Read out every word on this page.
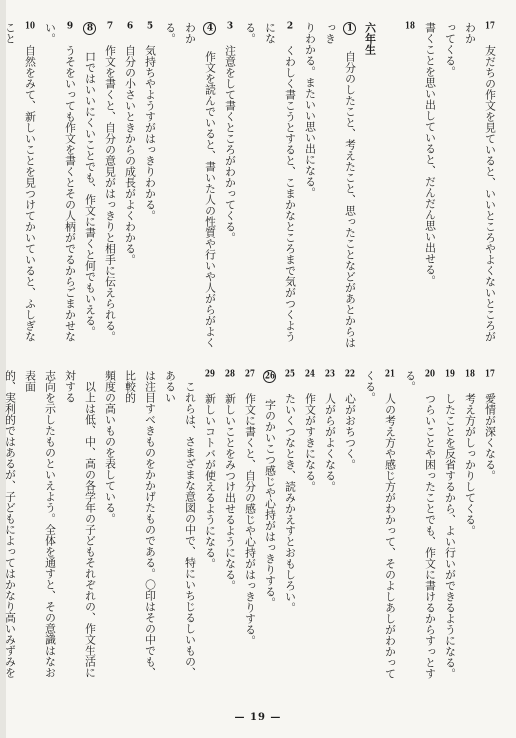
17友だちの作文を見ていると、いいところやよくないところがわか
ってくる。
書くことを思い出していると、だんだん思い出せる。
18
六年生
1自分のしたこと、考えたこと、思ったことなどがあとからはっき
りわかる。またいい思い出になる。
2くわしく書こうとすると、こまかなところまで気がつくようにな
る。
3注意をして書くところがわかってくる。
4作文を読んでいると、書いた人の性質や行いや人がらがよくわか
る。
5気持ちやようすがはっきりわかる。
6自分の小さいときからの成長がよくわかる。
7作文を書くと、自分の意見がはっきりと相手に伝えられる。
8口ではいいにくいことでも、作文に書くと何でもいえる。
9うそをいっても作文を書くとその人柄がでるからごまかせない。
10自然をみて、新しいことを見つけてかいていると、ふしぎなこと
17愛情が深くなる。
18考え方がしっかりしてくる。
19したことを反省するから、よい行いができるようになる。
20つらいことや困ったことでも、作文に書けるからすっとする。
21人の考え方や感じ方がわかって、そのよしあしがわかってくる。
22心がおちつく。
23人がらがよくなる。
24作文がすきになる。
25たいくつなとき、読みかえすとおもしろい。
26字のかいこつ感じや心持がはっきりする。
27作文に書くと、自分の感じや心持がはっきりする。
28新しいことをみつけ出せるようになる。
29新しいコトバが使えるようになる。
　これらは、さまざまな意図の中で、特にいちじるしいもの、あるい
は注目すべきものをかかげたものである。〇印はその中でも、比較的
頻度の高いものを表している。
　以上は低、中、高の各学年の子どもそれぞれの、作文生活に対する
志向を示したものといえよう。全体を通すと、その意識はなお表面
的、実利的ではあるが、子どもによってはかなり高いみずみを
— 19 —
